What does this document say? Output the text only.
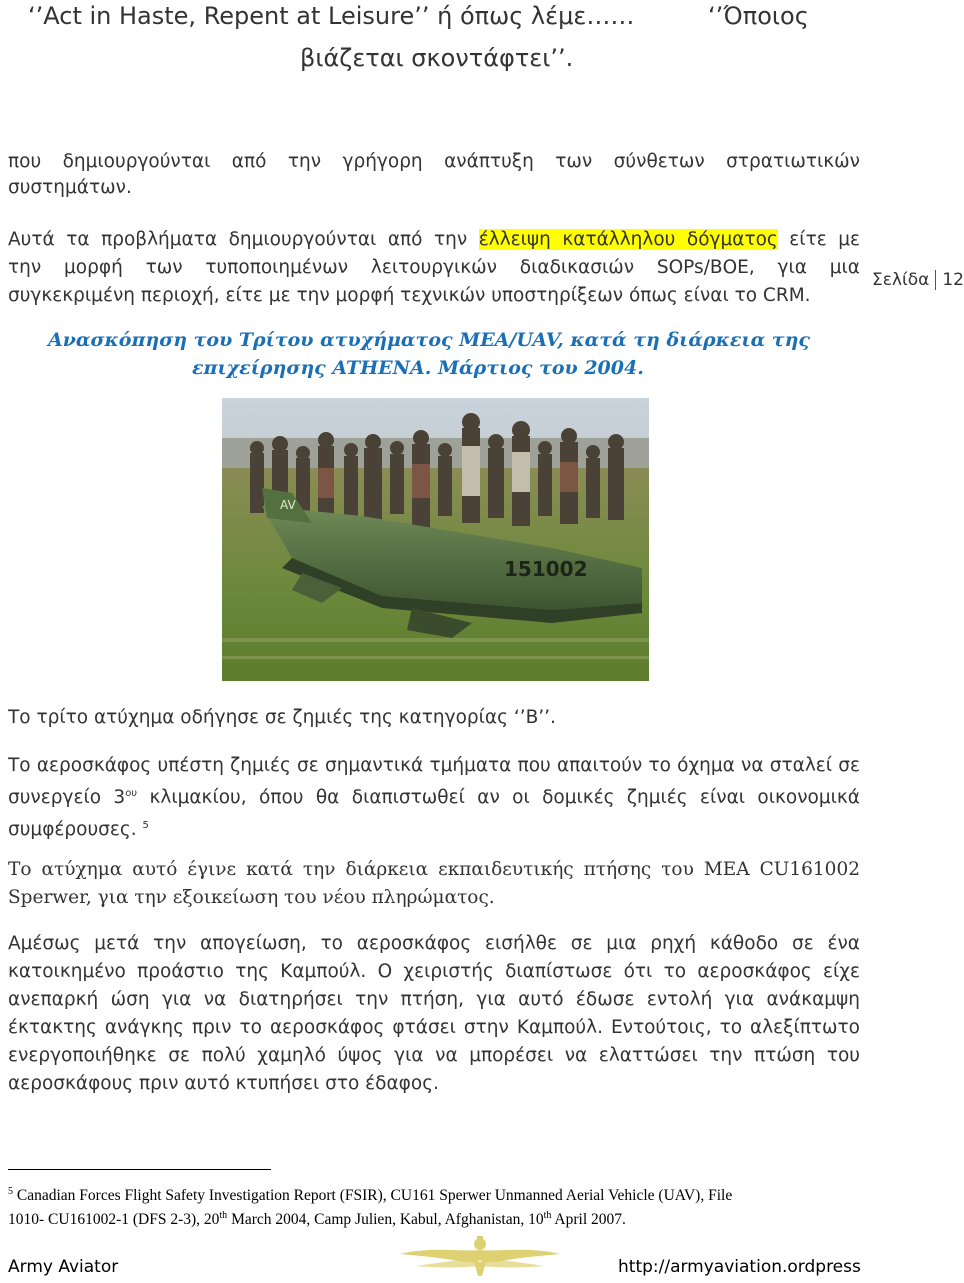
‘’Act in Haste, Repent at Leisure’’ ή όπως λέμε……	‘’Όποιος
βιάζεται σκοντάφτει’’.
που δημιουργούνται από την γρήγορη ανάπτυξη των σύνθετων στρατιωτικών
συστημάτων.
Αυτά τα προβλήματα δημιουργούνται από την έλλειψη κατάλληλου δόγματος είτε με
την μορφή των τυποποιημένων λειτουργικών διαδικασιών SOPs/ΒΟΕ, για μια
συγκεκριμένη περιοχή, είτε με την μορφή τεχνικών υποστηρίξεων όπως είναι το CRM.
Σελίδα 12
Ανασκόπηση του Τρίτου ατυχήματος ΜΕΑ/UAV, κατά τη διάρκεια της
επιχείρησης ATHENA. Μάρτιος του 2004.
AV
151002
Το τρίτο ατύχημα οδήγησε σε ζημιές της κατηγορίας ‘’B’’.
Το αεροσκάφος υπέστη ζημιές σε σημαντικά τμήματα που απαιτούν το όχημα να σταλεί σε συνεργείο $3^{o\upsilon}$ κλιμακίου, όπου θα διαπιστωθεί αν οι δομικές ζημιές είναι οικονομικά συμφέρουσες. $^5$
Το ατύχημα αυτό έγινε κατά την διάρκεια εκπαιδευτικής πτήσης του ΜΕΑ CU161002 Sperwer, για την εξοικείωση του νέου πληρώματος.
Αμέσως μετά την απογείωση, το αεροσκάφος εισήλθε σε μια ρηχή κάθοδο σε ένα κατοικημένο προάστιο της Καμπούλ. Ο χειριστής διαπίστωσε ότι το αεροσκάφος είχε ανεπαρκή ώση για να διατηρήσει την πτήση, για αυτό έδωσε εντολή για ανάκαμψη έκτακτης ανάγκης πριν το αεροσκάφος φτάσει στην Καμπούλ. Εντούτοις, το αλεξίπτωτο ενεργοποιήθηκε σε πολύ χαμηλό ύψος για να μπορέσει να ελαττώσει την πτώση του αεροσκάφους πριν αυτό κτυπήσει στο έδαφος.
$^5$ Canadian Forces Flight Safety Investigation Report (FSIR), CU161 Sperwer Unmanned Aerial Vehicle (UAV), File
1010- CU161002-1 (DFS 2-3), 20th March 2004, Camp Julien, Kabul, Afghanistan, 10th April 2007.
Army Aviator	http://armyaviation.ordpress
